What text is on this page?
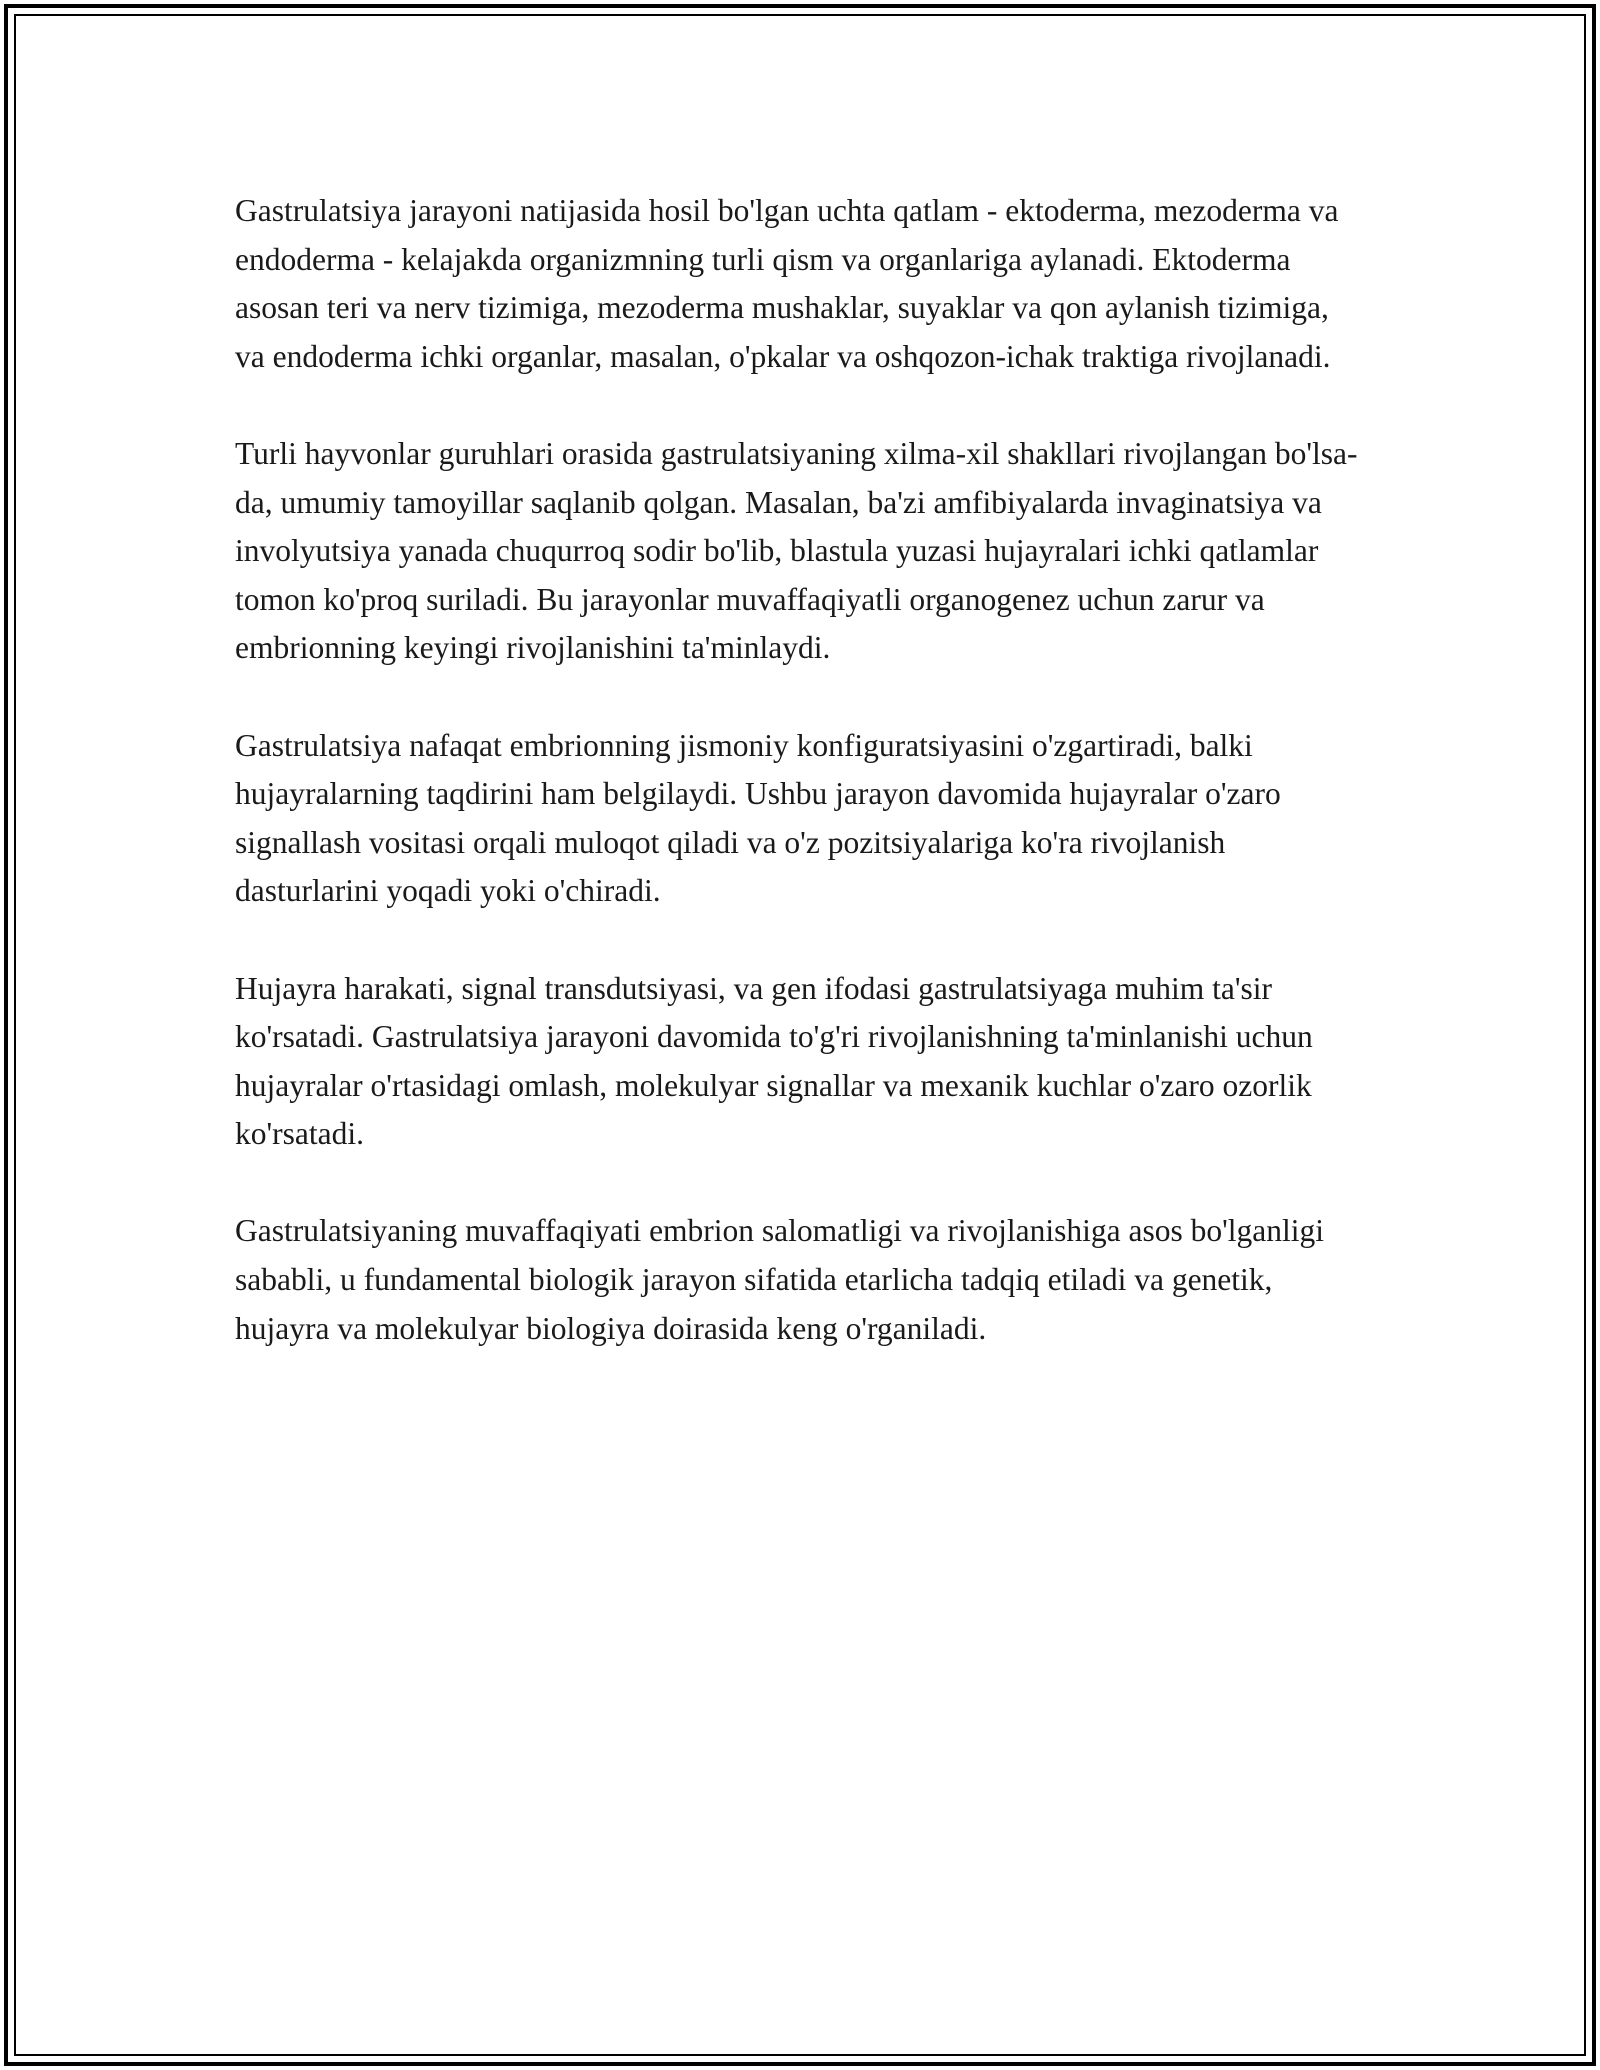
Gastrulatsiya jarayoni natijasida hosil bo'lgan uchta qatlam - ektoderma, mezoderma va endoderma - kelajakda organizmning turli qism va organlariga aylanadi. Ektoderma asosan teri va nerv tizimiga, mezoderma mushaklar, suyaklar va qon aylanish tizimiga, va endoderma ichki organlar, masalan, o'pkalar va oshqozon-ichak traktiga rivojlanadi.

Turli hayvonlar guruhlari orasida gastrulatsiyaning xilma-xil shakllari rivojlangan bo'lsa-da, umumiy tamoyillar saqlanib qolgan. Masalan, ba'zi amfibiyalarda invaginatsiya va involyutsiya yanada chuqurroq sodir bo'lib, blastula yuzasi hujayralari ichki qatlamlar tomon ko'proq suriladi. Bu jarayonlar muvaffaqiyatli organogenez uchun zarur va embrionning keyingi rivojlanishini ta'minlaydi.

Gastrulatsiya nafaqat embrionning jismoniy konfiguratsiyasini o'zgartiradi, balki hujayralarning taqdirini ham belgilaydi. Ushbu jarayon davomida hujayralar o'zaro signallash vositasi orqali muloqot qiladi va o'z pozitsiyalariga ko'ra rivojlanish dasturlarini yoqadi yoki o'chiradi.

Hujayra harakati, signal transdutsiyasi, va gen ifodasi gastrulatsiyaga muhim ta'sir ko'rsatadi. Gastrulatsiya jarayoni davomida to'g'ri rivojlanishning ta'minlanishi uchun hujayralar o'rtasidagi omlash, molekulyar signallar va mexanik kuchlar o'zaro ozorlik ko'rsatadi.

Gastrulatsiyaning muvaffaqiyati embrion salomatligi va rivojlanishiga asos bo'lganligi sababli, u fundamental biologik jarayon sifatida etarlicha tadqiq etiladi va genetik, hujayra va molekulyar biologiya doirasida keng o'rganiladi.
